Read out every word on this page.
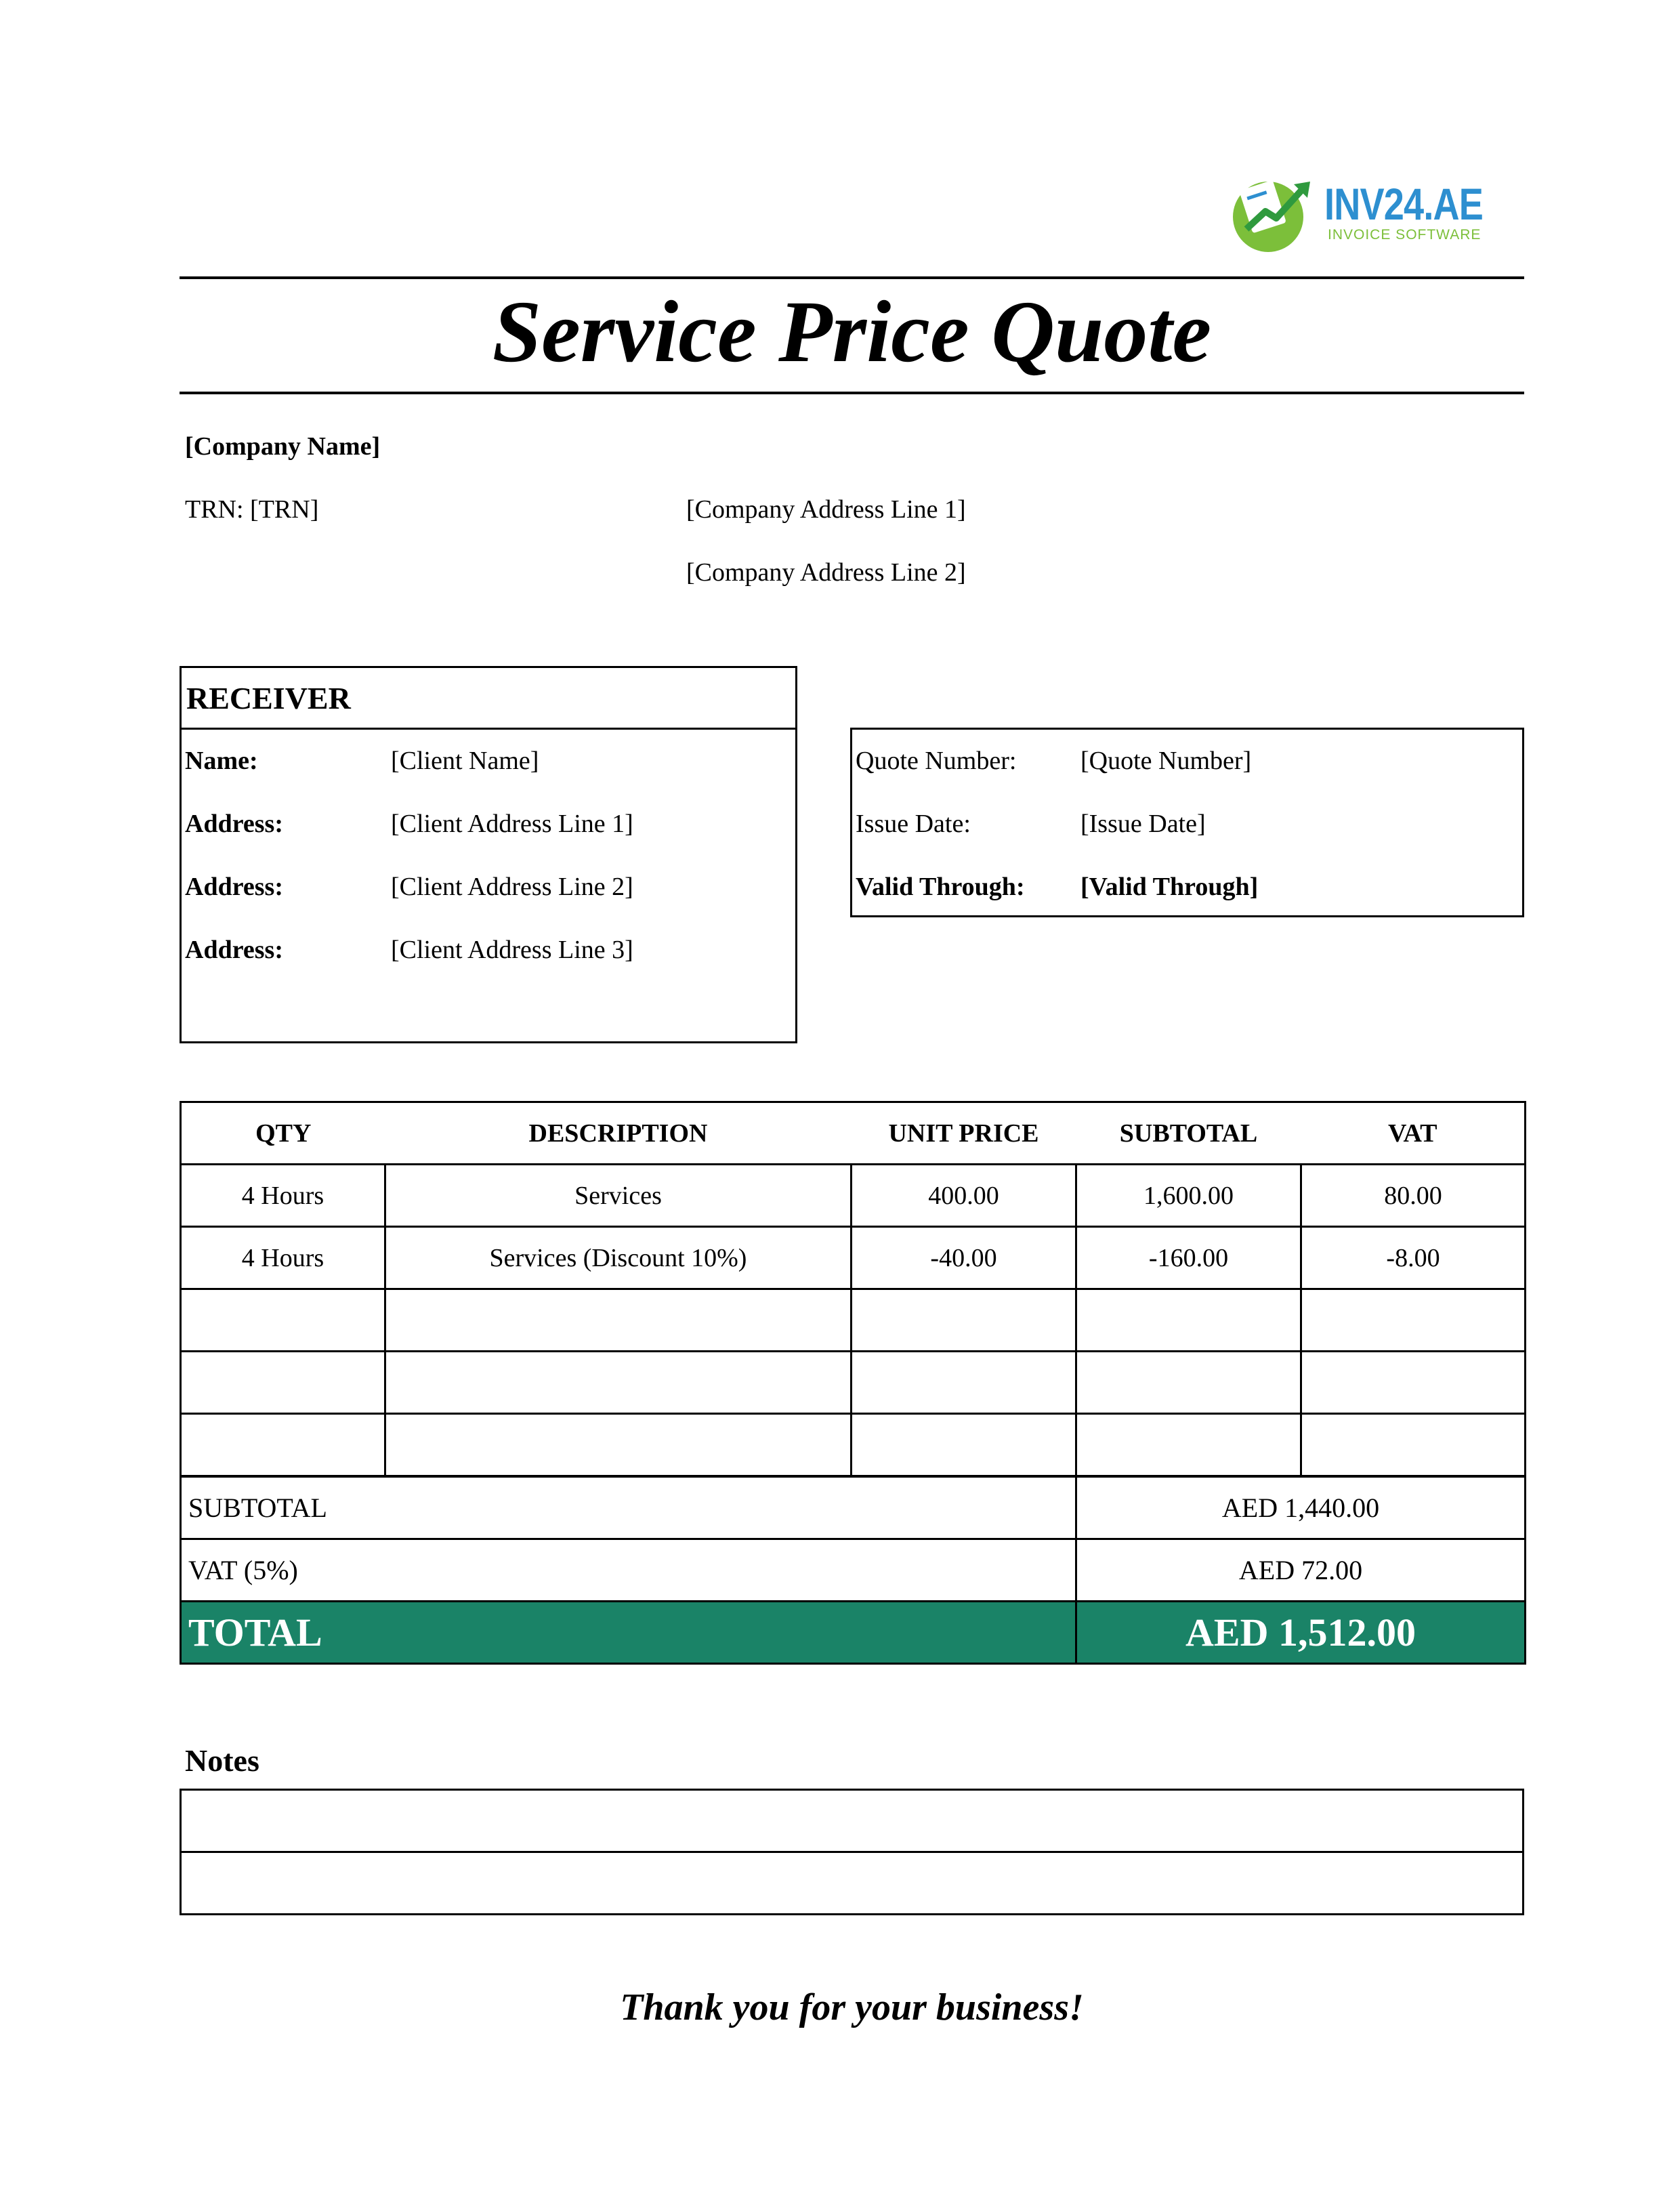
INV24.AE
INVOICE SOFTWARE
Service Price Quote
[Company Name]
TRN: [TRN]	[Company Address Line 1]
[Company Address Line 2]
RECEIVER
Name:	[Client Name]
Address:	[Client Address Line 1]
Address:	[Client Address Line 2]
Address:	[Client Address Line 3]
Quote Number: [Quote Number]
Issue Date:	[Issue Date]
Valid Through: [Valid Through]
QTY	DESCRIPTION	UNIT PRICE	SUBTOTAL	VAT
4 Hours	Services	400.00	1,600.00	80.00
4 Hours	Services (Discount 10%)	-40.00	-160.00	-8.00

SUBTOTAL	AED 1,440.00
VAT (5%)	AED 72.00
TOTAL	AED 1,512.00
Notes

Thank you for your business!
